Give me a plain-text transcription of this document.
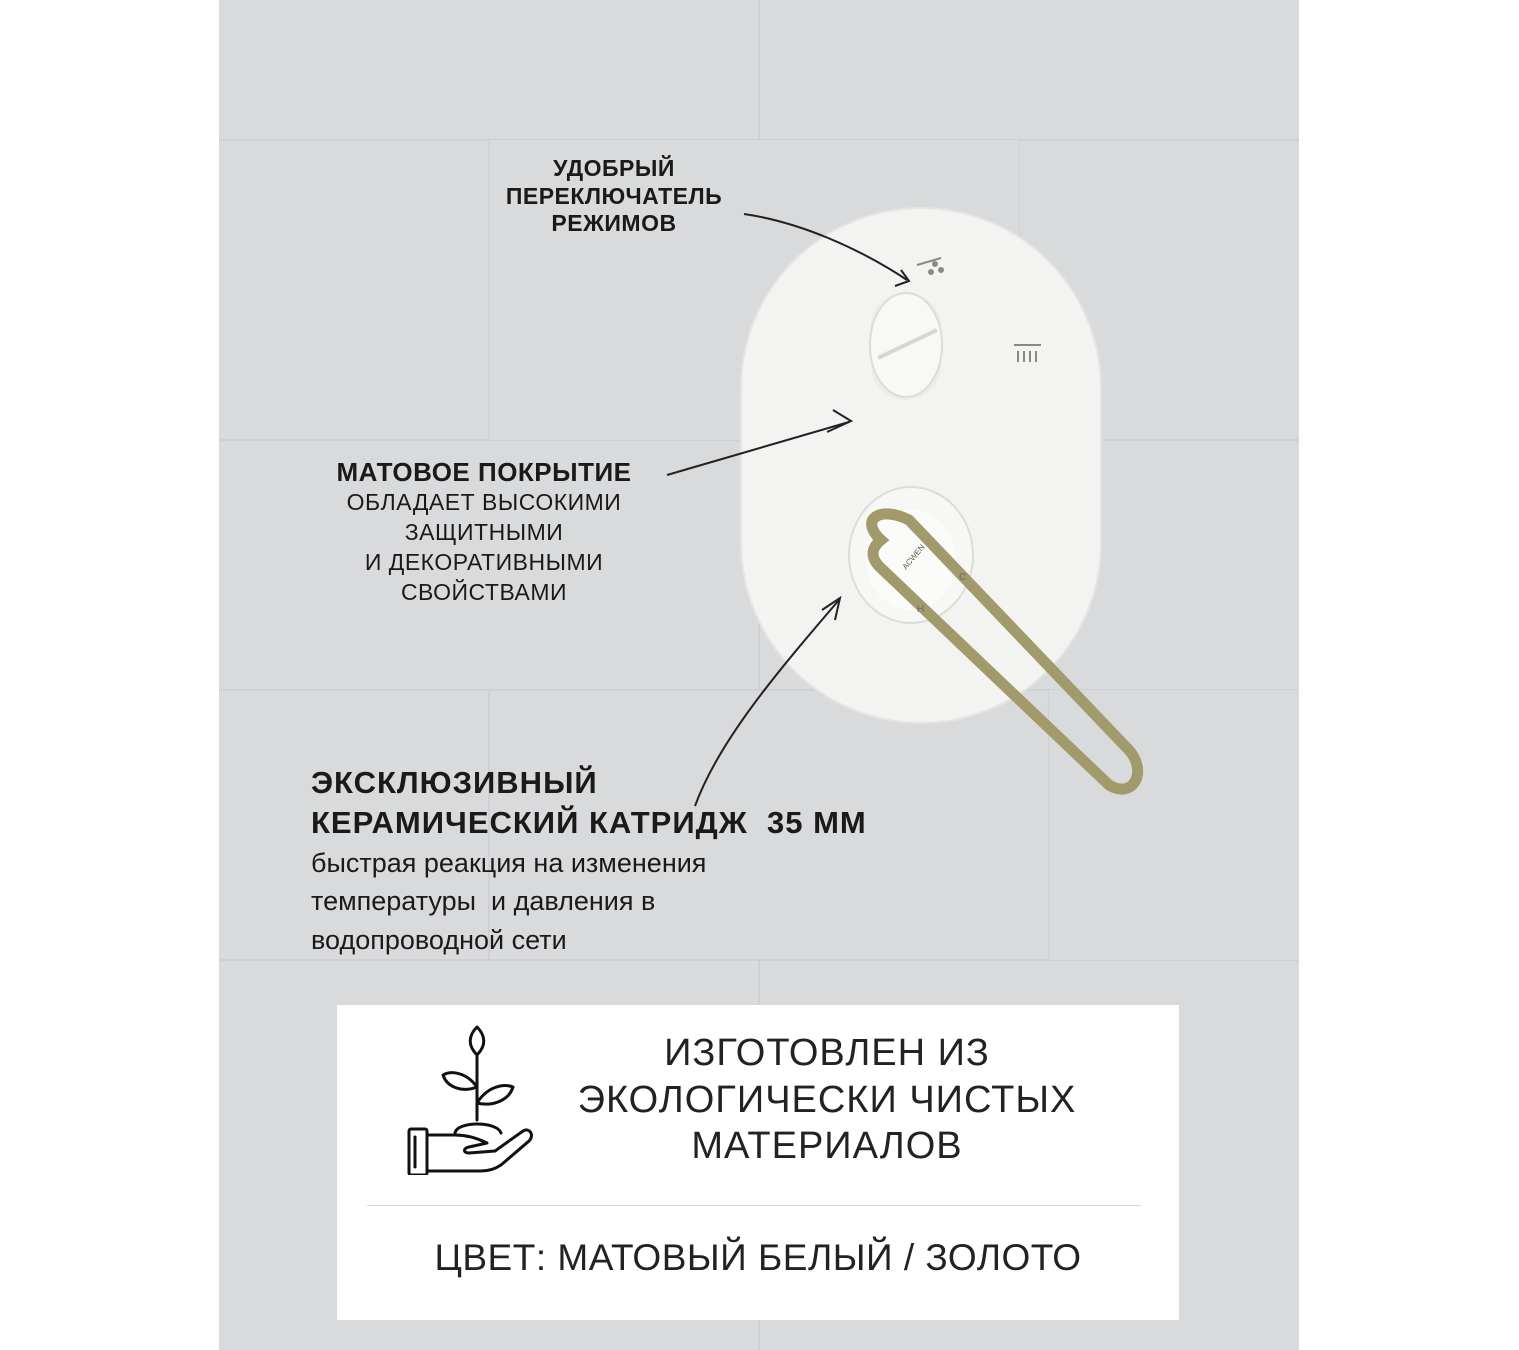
ACWEN
C
H
УДОБРЫЙ
ПЕРЕКЛЮЧАТЕЛЬ
РЕЖИМОВ
МАТОВОЕ ПОКРЫТИЕ
ОБЛАДАЕТ ВЫСОКИМИ
ЗАЩИТНЫМИ
И ДЕКОРАТИВНЫМИ
СВОЙСТВАМИ
ЭКСКЛЮЗИВНЫЙ
КЕРАМИЧЕСКИЙ КАТРИДЖ  35 ММ
быстрая реакция на изменения
температуры  и давления в
водопроводной сети
ИЗГОТОВЛЕН ИЗ
ЭКОЛОГИЧЕСКИ ЧИСТЫХ
МАТЕРИАЛОВ
ЦВЕТ: МАТОВЫЙ БЕЛЫЙ / ЗОЛОТО
